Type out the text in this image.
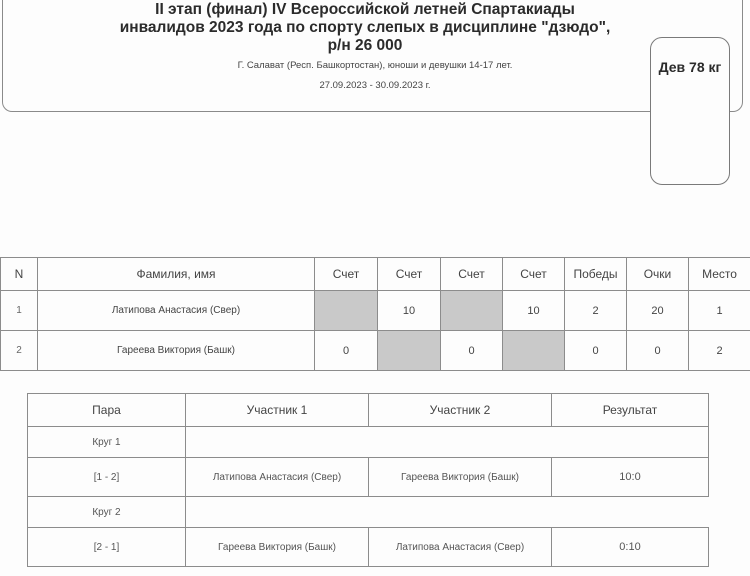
II этап (финал) IV Всероссийской летней Спартакиады
инвалидов 2023 года по спорту слепых в дисциплине "дзюдо",
р/н 26 000
Г. Салават (Респ. Башкортостан), юноши и девушки 14-17 лет.
27.09.2023 - 30.09.2023 г.
Дев 78 кг
N	Фамилия, имя	Счет	Счет	Счет	Счет	Победы	Очки	Место
1	Латипова Анастасия (Свер)		10		10	2	20	1
2	Гареева Виктория (Башк)	0		0		0	0	2
Пара	Участник 1	Участник 2	Результат
Круг 1			
[1 - 2]	Латипова Анастасия (Свер)	Гареева Виктория (Башк)	10:0
Круг 2			
[2 - 1]	Гареева Виктория (Башк)	Латипова Анастасия (Свер)	0:10
